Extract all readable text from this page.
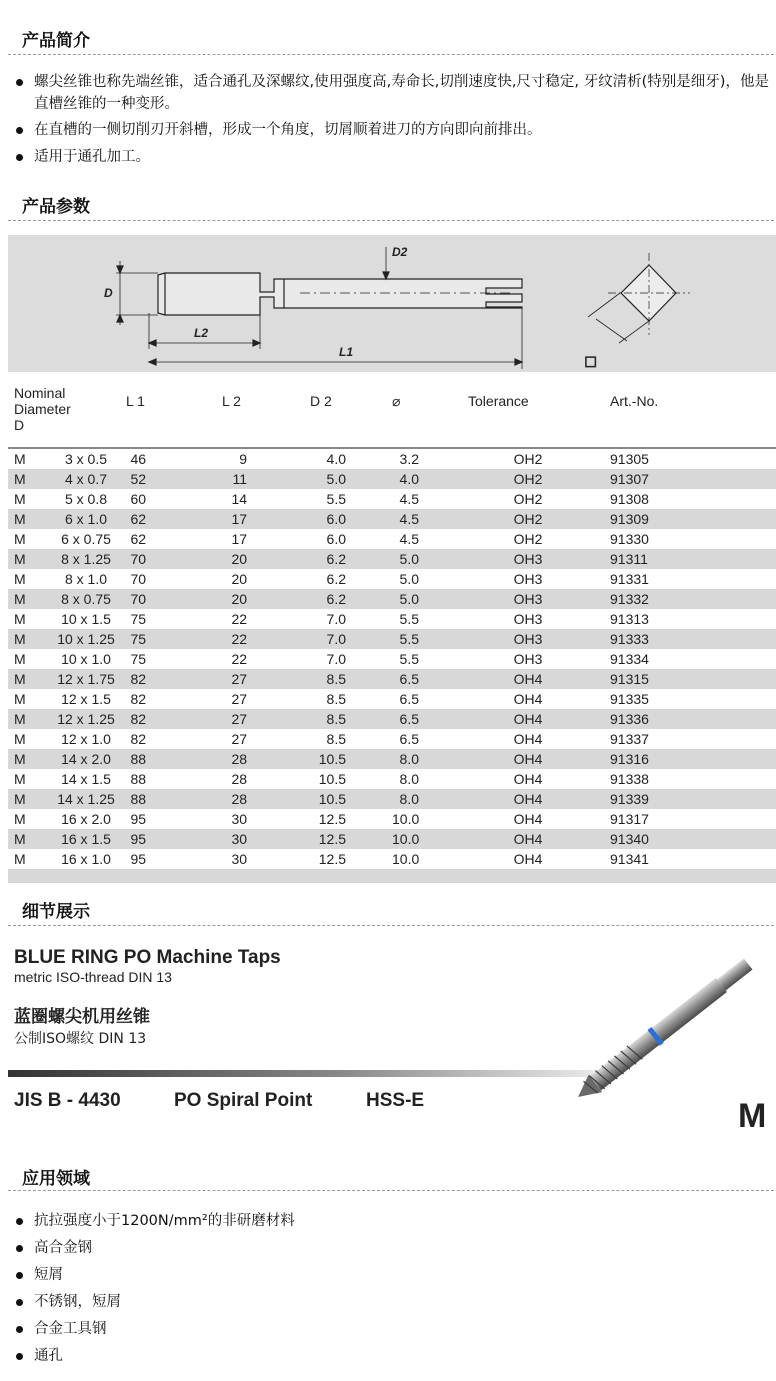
产品简介
螺尖丝锥也称先端丝锥，适合通孔及深螺纹,使用强度高,寿命长,切削速度快,尺寸稳定, 牙纹清析(特别是细牙)，他是直槽丝锥的一种变形。
在直槽的一侧切削刃开斜槽，形成一个角度，切屑顺着进刀的方向即向前排出。
适用于通孔加工。
产品参数
D
D2
L2
L1
◻
Nominal Diameter		L 1	L 2	D 2	⌀	Tolerance	Art.-No.
D							
M	3 x 0.5	46	9	4.0	3.2	OH2	91305
M	4 x 0.7	52	11	5.0	4.0	OH2	91307
M	5 x 0.8	60	14	5.5	4.5	OH2	91308
M	6 x 1.0	62	17	6.0	4.5	OH2	91309
M	6 x 0.75	62	17	6.0	4.5	OH2	91330
M	8 x 1.25	70	20	6.2	5.0	OH3	91311
M	8 x 1.0	70	20	6.2	5.0	OH3	91331
M	8 x 0.75	70	20	6.2	5.0	OH3	91332
M	10 x 1.5	75	22	7.0	5.5	OH3	91313
M	10 x 1.25	75	22	7.0	5.5	OH3	91333
M	10 x 1.0	75	22	7.0	5.5	OH3	91334
M	12 x 1.75	82	27	8.5	6.5	OH4	91315
M	12 x 1.5	82	27	8.5	6.5	OH4	91335
M	12 x 1.25	82	27	8.5	6.5	OH4	91336
M	12 x 1.0	82	27	8.5	6.5	OH4	91337
M	14 x 2.0	88	28	10.5	8.0	OH4	91316
M	14 x 1.5	88	28	10.5	8.0	OH4	91338
M	14 x 1.25	88	28	10.5	8.0	OH4	91339
M	16 x 2.0	95	30	12.5	10.0	OH4	91317
M	16 x 1.5	95	30	12.5	10.0	OH4	91340
M	16 x 1.0	95	30	12.5	10.0	OH4	91341

细节展示
BLUE RING PO Machine Taps
metric ISO-thread DIN 13
蓝圈螺尖机用丝锥
公制ISO螺纹 DIN 13
JIS B - 4430	PO Spiral Point	HSS-E	M
应用领域
抗拉强度小于1200N/mm²的非研磨材料
高合金钢
短屑
不锈钢，短屑
合金工具钢
通孔
